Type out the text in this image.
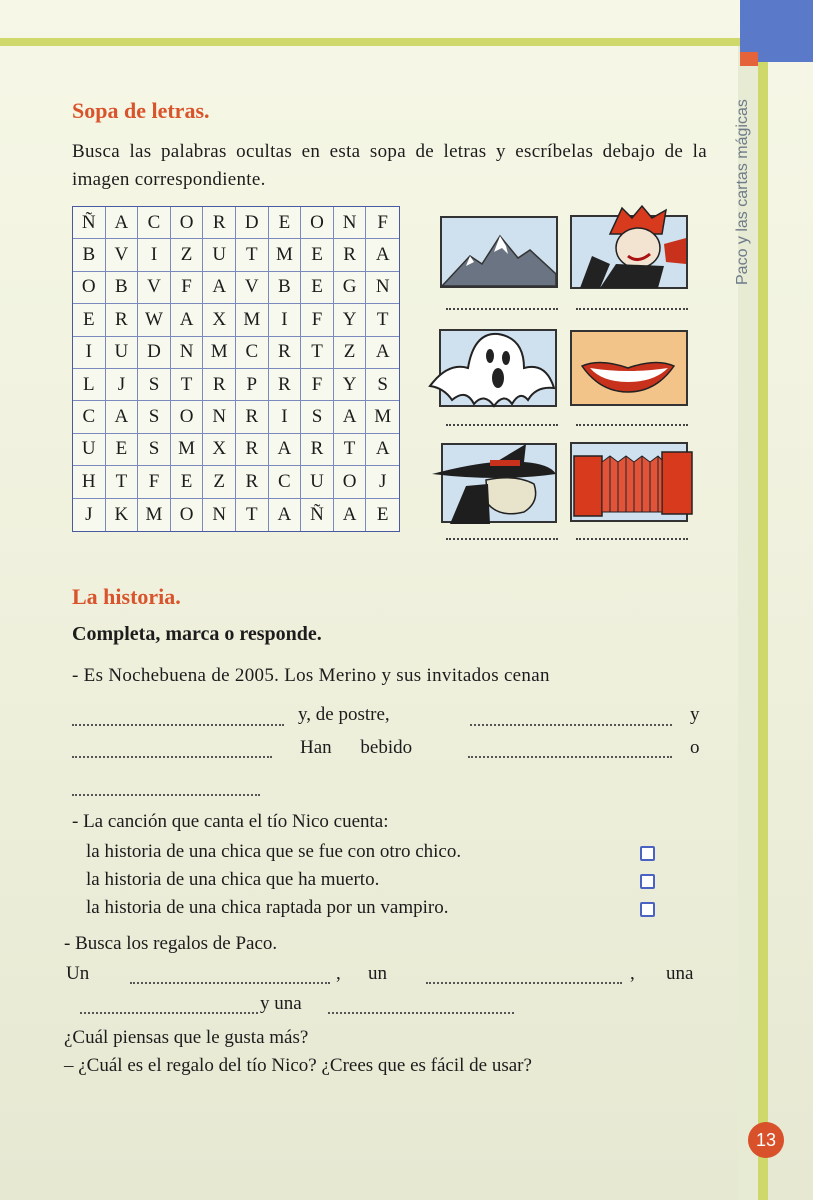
Paco y las cartas mágicas
Sopa de letras.
Busca las palabras ocultas en esta sopa de letras y escríbelas debajo de la imagen correspondiente.
Ñ A	C	O	R	D	E	O N	F
B	V	I	Z	U	T M E	R	A
O	B	V	F	A V	B	E	G	N
E	R W A X M	I	F	Y	T
I	U D N M C	R	T	Z	A
L	J	S	T	R	P	R	F	Y	S
C	A	S	O N	R	I	S	A M
U	E	S M X	R	A	R	T	A
H	T	F	E	Z	R	C	U O	J
J	K M O N	T	A Ñ A	E
La historia.
Completa, marca o responde.
- Es Nochebuena de 2005. Los Merino y sus invitados cenan
y, de postre,	y
Han bebido	o
- La canción que canta el tío Nico cuenta:
la historia de una chica que se fue con otro chico.
la historia de una chica que ha muerto.
la historia de una chica raptada por un vampiro.
- Busca los regalos de Paco.
Un	, un	, una
y una
¿Cuál piensas que le gusta más?
– ¿Cuál es el regalo del tío Nico? ¿Crees que es fácil de usar?
13
